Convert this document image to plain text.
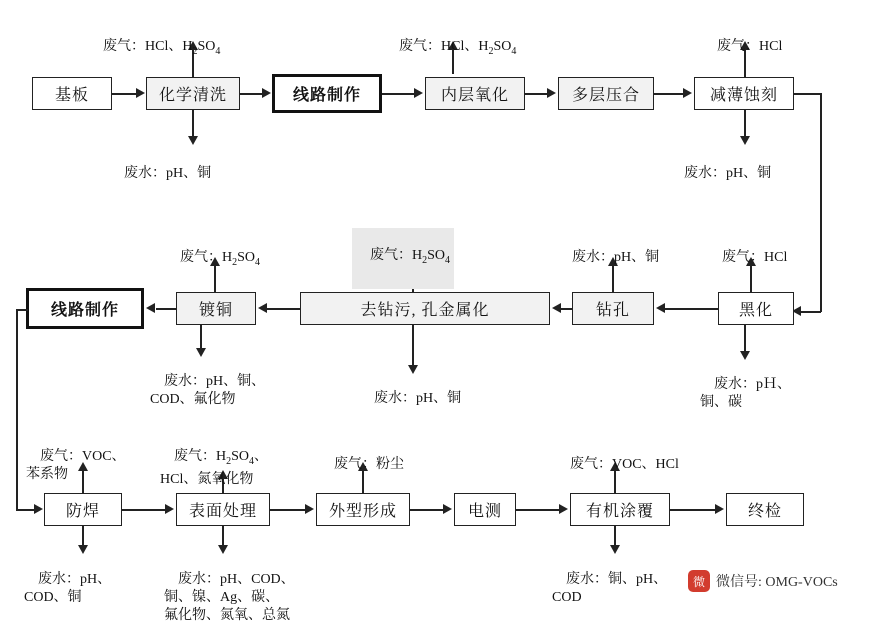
基板	化学清洗	线路制作	内层氧化	多层压合	减薄蚀刻

废气：HCl、$H_2SO_4$
	废气：HCl、$H_2SO_4$
	废气：HCl

废水：pH、铜
	废水：pH、铜

线路制作	镀铜	去钻污, 孔金属化	钻孔	黑化

废气：$H_2SO_4$
	废气：$H_2SO_4$
	废水：pH、铜
	废气：HCl

废水：pH、铜、
COD、氟化物
	废水：pH、铜

废水：pＨ、
铜、碳

防焊	表面处理	外型形成	电测	有机涂覆	终检

废气：VOC、
苯系物

废气：$H_2SO_4$、
HCl、氮氧化物

废气：粉尘
	废气：VOC、HCl

废水：pH、
COD、铜

废水：pH、COD、
铜、镍、Ag、碳、
氟化物、氮氧、总氮

废水：铜、pH、
COD

微 微信号: OMG-VOCs
